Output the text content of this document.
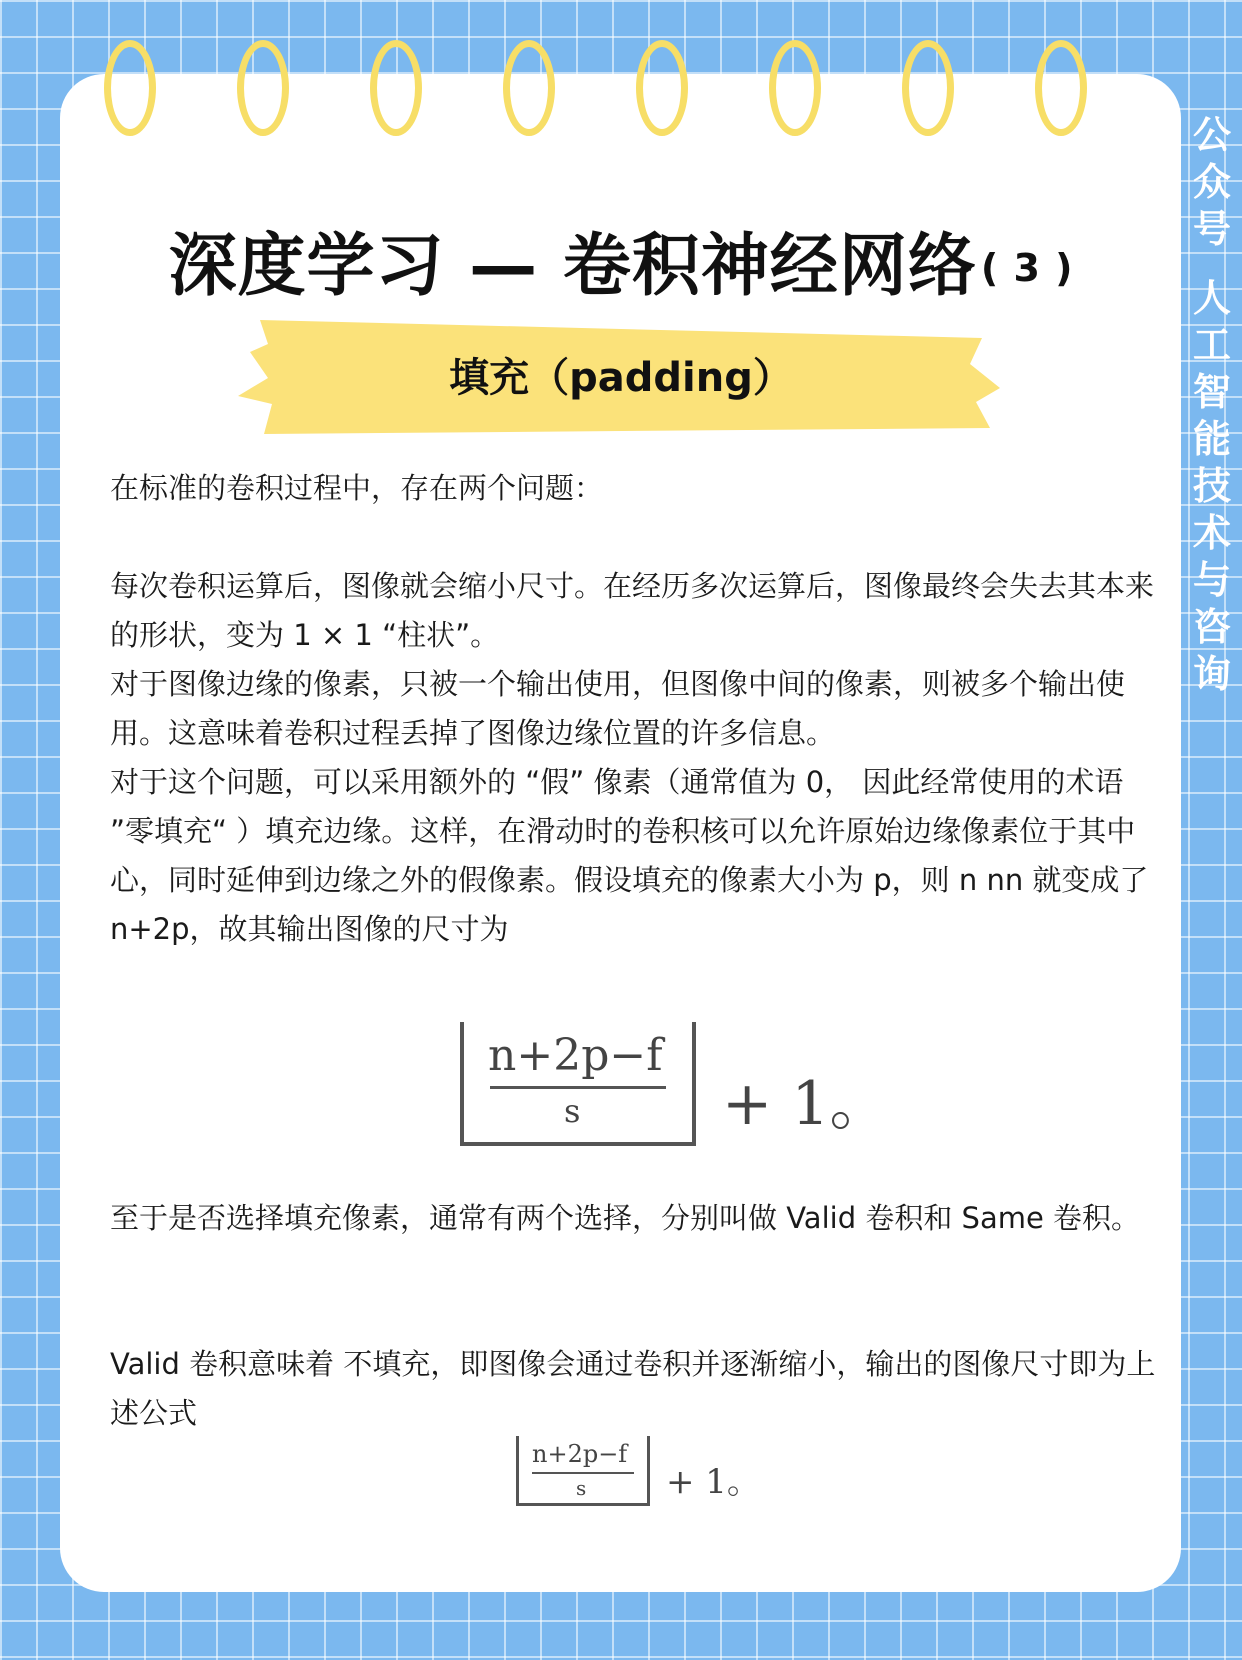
深度学习 — 卷积神经网络 ( 3 )
填充（padding）

在标准的卷积过程中，存在两个问题：

每次卷积运算后，图像就会缩小尺寸。在经历多次运算后，图像最终会失去其本来的形状，变为 1 × 1 “柱状”。

对于图像边缘的像素，只被一个输出使用，但图像中间的像素，则被多个输出使用。这意味着卷积过程丢掉了图像边缘位置的许多信息。

对于这个问题，可以采用额外的 “假” 像素（通常值为 0， 因此经常使用的术语 ”零填充“ ）填充边缘。这样，在滑动时的卷积核可以允许原始边缘像素位于其中心，同时延伸到边缘之外的假像素。假设填充的像素大小为 p，则 n nn 就变成了 n+2p，故其输出图像的尺寸为

n+2p−f
s + 1。

至于是否选择填充像素，通常有两个选择，分别叫做 Valid 卷积和 Same 卷积。

Valid 卷积意味着 不填充，即图像会通过卷积并逐渐缩小，输出的图像尺寸即为上述公式

n+2p−f
s + 1。
公众号
人工智能技术与咨询
